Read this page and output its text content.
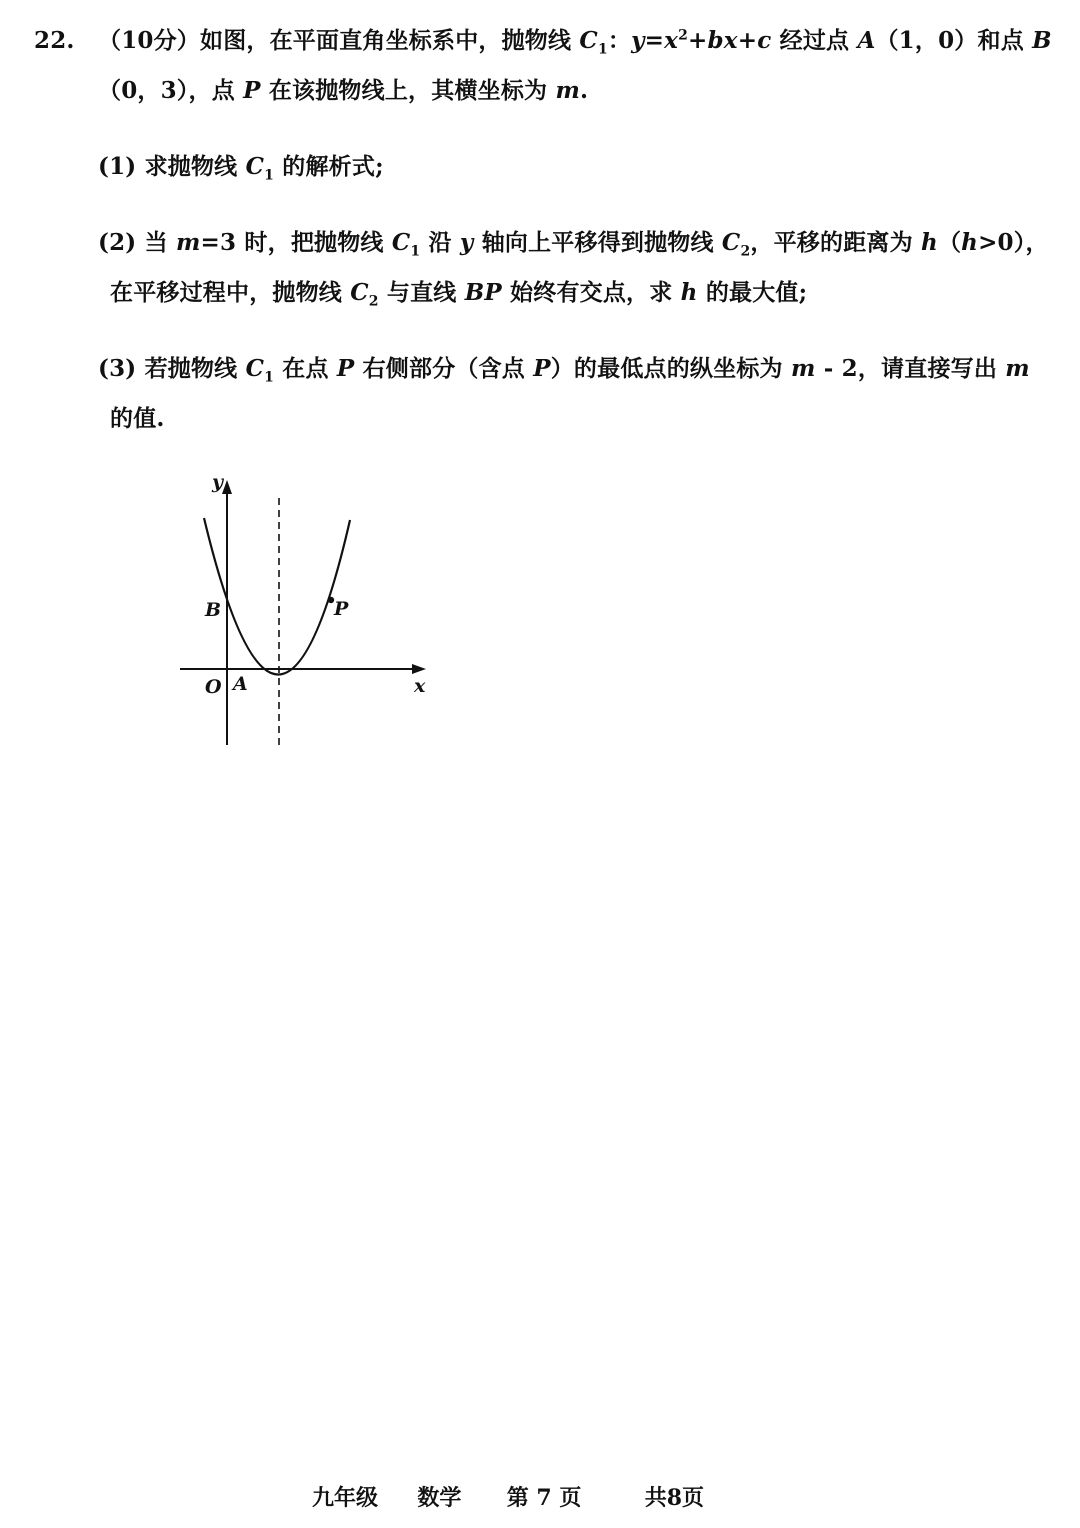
22. （10分）如图，在平面直角坐标系中，抛物线 $C_1$：$y=x^2+bx+c$ 经过点 A（1，0）和点 B
（0，3），点 P 在该抛物线上，其横坐标为 m.
(1) 求抛物线 $C_1$ 的解析式;
(2) 当 m=3 时，把抛物线 $C_1$ 沿 y 轴向上平移得到抛物线 $C_2$，平移的距离为 h（h>0），
在平移过程中，抛物线 $C_2$ 与直线 BP 始终有交点，求 h 的最大值;
(3) 若抛物线 $C_1$ 在点 P 右侧部分（含点 P）的最低点的纵坐标为 m - 2，请直接写出 m
的值.
y
x
O A
B	P
九年级 数学 第 7 页	共8页
